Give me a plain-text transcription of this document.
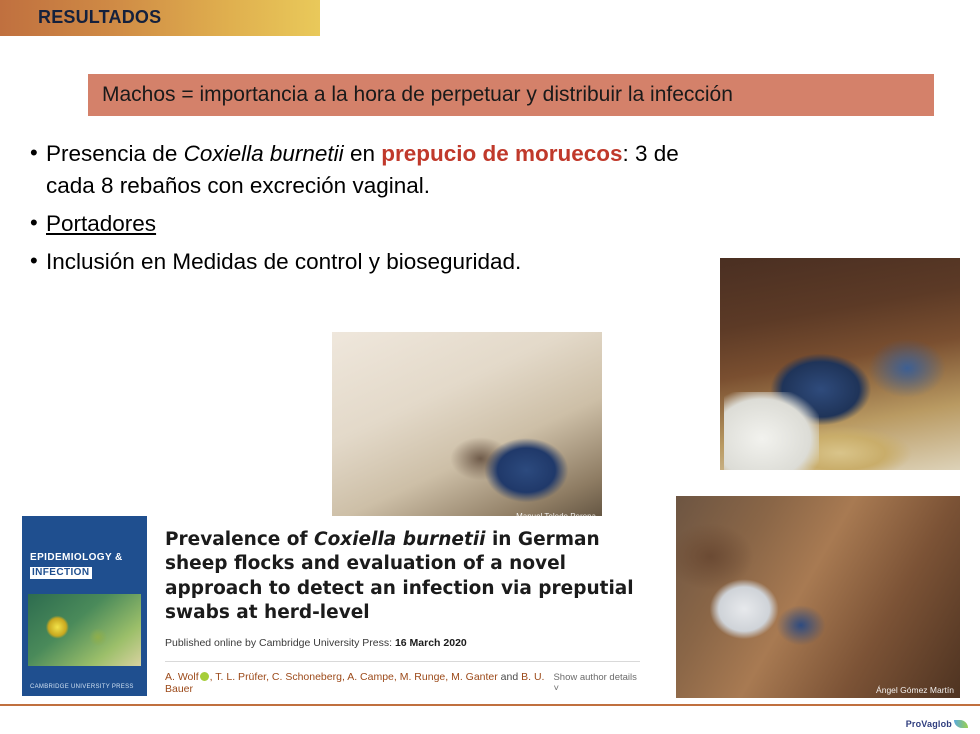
RESULTADOS
Machos = importancia a la hora de perpetuar y distribuir la infección
• Presencia de Coxiella burnetii en prepucio de moruecos: 3 de
cada 8 rebaños con excreción vaginal.
• Portadores
• Inclusión en Medidas de control y bioseguridad.
Ángel Gómez Martín
EPIDEMIOLOGY &
INFECTION
CAMBRIDGE UNIVERSITY PRESS
Prevalence of Coxiella burnetii in German sheep flocks and evaluation of a novel approach to detect an infection via preputial swabs at herd-level
Published online by Cambridge University Press: 16 March 2020
A. Wolf , T. L. Prüfer, C. Schoneberg, A. Campe, M. Runge, M. Ganter and B. U. Bauer
Show author details ˅
ProVaglob
